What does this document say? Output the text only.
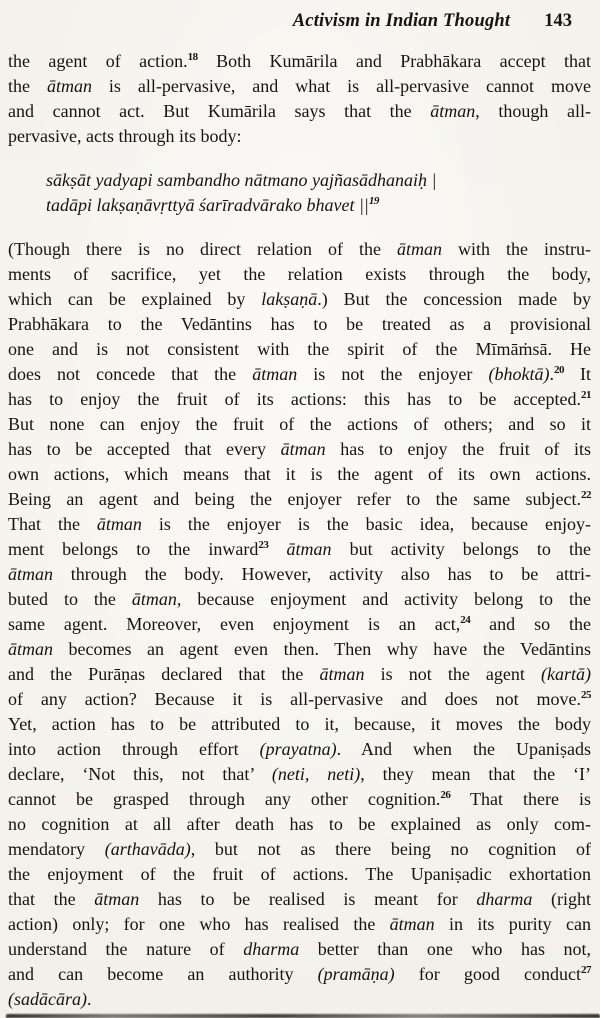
Activism in Indian Thought 143
the agent of action.$^{18}$ Both Kumārila and Prabhākara accept that
the ātman is all-pervasive, and what is all-pervasive cannot move
and cannot act. But Kumārila says that the ātman, though all-
pervasive, acts through its body:
sākṣāt yadyapi sambandho nātmano yajñasādhanaiḥ |
tadāpi lakṣaṇāvṛttyā śarīradvārako bhavet $||^{19}$
(Though there is no direct relation of the ātman with the instru-
ments of sacrifice, yet the relation exists through the body,
which can be explained by lakṣaṇā.) But the concession made by
Prabhākara to the Vedāntins has to be treated as a provisional
one and is not consistent with the spirit of the Mīmāṁsā. He
does not concede that the ātman is not the enjoyer (bhoktā).$^{20}$ It
has to enjoy the fruit of its actions: this has to be accepted.$^{21}$
But none can enjoy the fruit of the actions of others; and so it
has to be accepted that every ātman has to enjoy the fruit of its
own actions, which means that it is the agent of its own actions.
Being an agent and being the enjoyer refer to the same subject.$^{22}$
That the ātman is the enjoyer is the basic idea, because enjoy-
ment belongs to the inward$^{23}$ ātman but activity belongs to the
ātman through the body. However, activity also has to be attri-
buted to the ātman, because enjoyment and activity belong to the
same agent. Moreover, even enjoyment is an act,$^{24}$ and so the
ātman becomes an agent even then. Then why have the Vedāntins
and the Purāṇas declared that the ātman is not the agent (kartā)
of any action? Because it is all-pervasive and does not move.$^{25}$
Yet, action has to be attributed to it, because, it moves the body
into action through effort (prayatna). And when the Upaniṣads
declare, ‘Not this, not that’ (neti, neti), they mean that the ‘I’
cannot be grasped through any other cognition.$^{26}$ That there is
no cognition at all after death has to be explained as only com-
mendatory (arthavāda), but not as there being no cognition of
the enjoyment of the fruit of actions. The Upaniṣadic exhortation
that the ātman has to be realised is meant for dharma (right
action) only; for one who has realised the ātman in its purity can
understand the nature of dharma better than one who has not,
and can become an authority (pramāṇa) for good conduct$^{27}$
(sadācāra).
